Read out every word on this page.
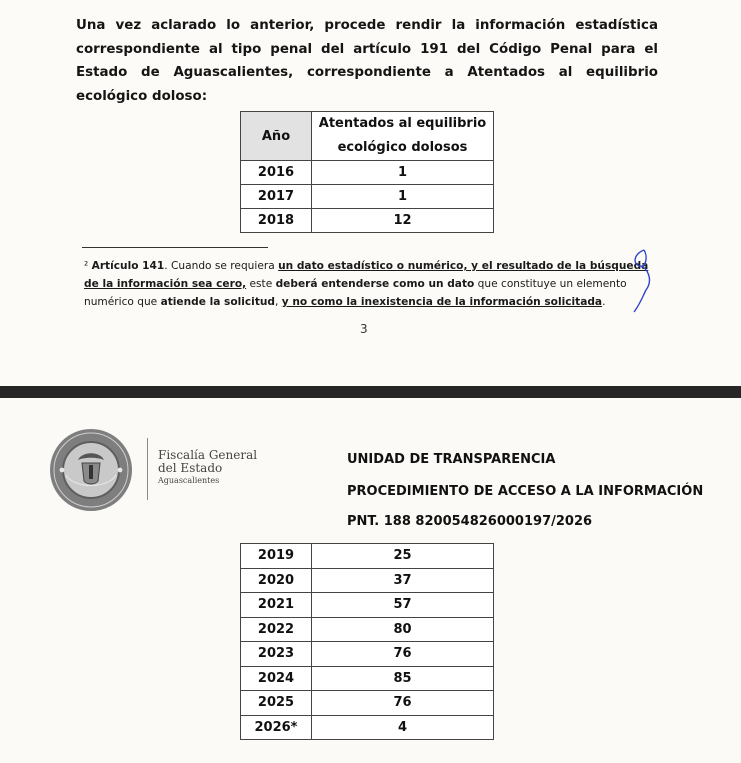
Una vez aclarado lo anterior, procede rendir la información estadística correspondiente al tipo penal del artículo 191 del Código Penal para el Estado de Aguascalientes, correspondiente a Atentados al equilibrio ecológico doloso:

Año	Atentados al equilibrio ecológico dolosos
2016	1
2017	1
2018	12

² Artículo 141. Cuando se requiera un dato estadístico o numérico, y el resultado de la búsqueda de la información sea cero, este deberá entenderse como un dato que constituye un elemento numérico que atiende la solicitud, y no como la inexistencia de la información solicitada.

3
Fiscalía General
del Estado
Aguascalientes
UNIDAD DE TRANSPARENCIA
PROCEDIMIENTO DE ACCESO A LA INFORMACIÓN
PNT. 188 820054826000197/2026
2019	25
2020	37
2021	57
2022	80
2023	76
2024	85
2025	76
2026*	4
